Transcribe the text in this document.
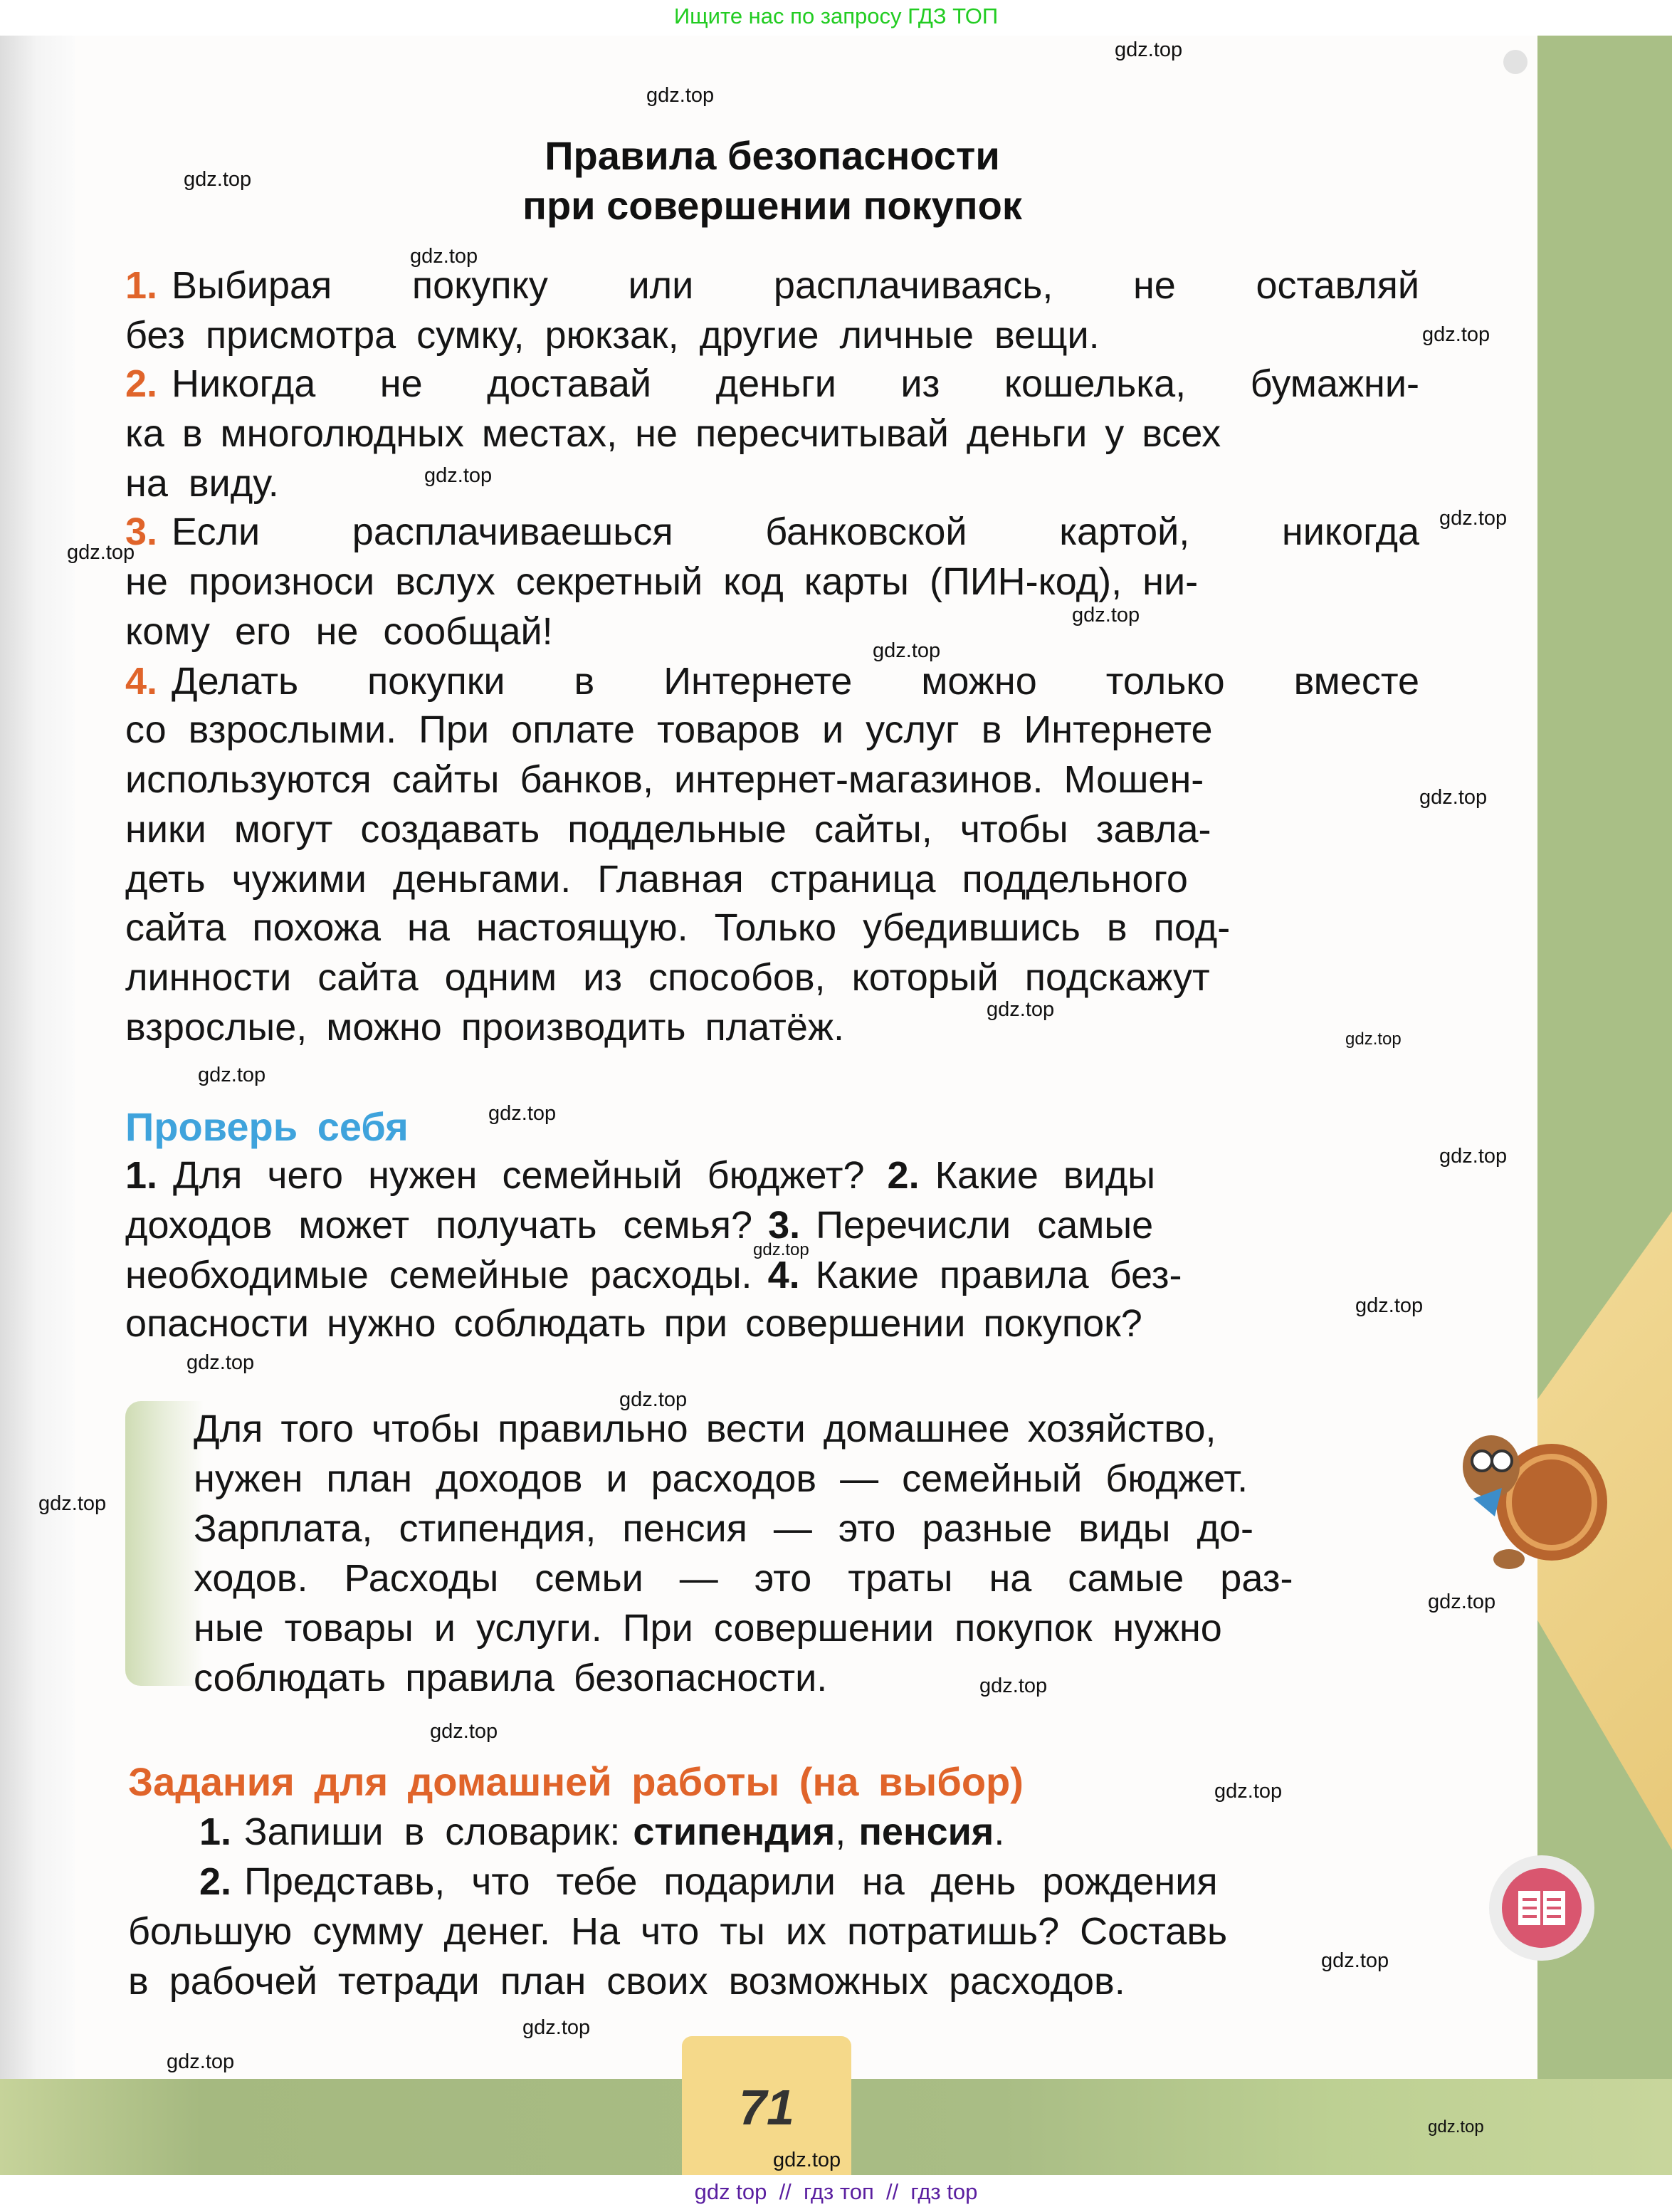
Ищите нас по запросу ГДЗ ТОП
Правила безопасности
при совершении покупок
1. Выбирая покупку или расплачиваясь, не оставляй
без присмотра сумку, рюкзак, другие личные вещи.
2. Никогда не доставай деньги из кошелька, бумажни-
ка в многолюдных местах, не пересчитывай деньги у всех
на виду.
3. Если расплачиваешься банковской картой, никогда
не произноси вслух секретный код карты (ПИН-код), ни-
кому его не сообщай!
4. Делать покупки в Интернете можно только вместе
со взрослыми. При оплате товаров и услуг в Интернете
используются сайты банков, интернет-магазинов. Мошен-
ники могут создавать поддельные сайты, чтобы завла-
деть чужими деньгами. Главная страница поддельного
сайта похожа на настоящую. Только убедившись в под-
линности сайта одним из способов, который подскажут
взрослые, можно производить платёж.
Проверь себя
1. Для чего нужен семейный бюджет? 2. Какие виды
доходов может получать семья? 3. Перечисли самые
необходимые семейные расходы. 4. Какие правила без-
опасности нужно соблюдать при совершении покупок?
Для того чтобы правильно вести домашнее хозяйство,
нужен план доходов и расходов — семейный бюджет.
Зарплата, стипендия, пенсия — это разные виды до-
ходов. Расходы семьи — это траты на самые раз-
ные товары и услуги. При совершении покупок нужно
соблюдать правила безопасности.
Задания для домашней работы (на выбор)
1. Запиши в словарик: стипендия , пенсия .
2. Представь, что тебе подарили на день рождения
большую сумму денег. На что ты их потратишь? Составь
в рабочей тетради план своих возможных расходов.
71
gdz.top
gdz.top
gdz.top
gdz.top
gdz.top
gdz.top
gdz.top
gdz.top
gdz.top
gdz.top
gdz.top
gdz.top
gdz.top
gdz.top
gdz.top
gdz.top
gdz.top
gdz.top
gdz.top
gdz.top
gdz.top
gdz.top
gdz.top
gdz.top
gdz.top
gdz.top
gdz.top
gdz.top
gdz.top
gdz.top
gdz top  //  гдз топ  //  гдз top
